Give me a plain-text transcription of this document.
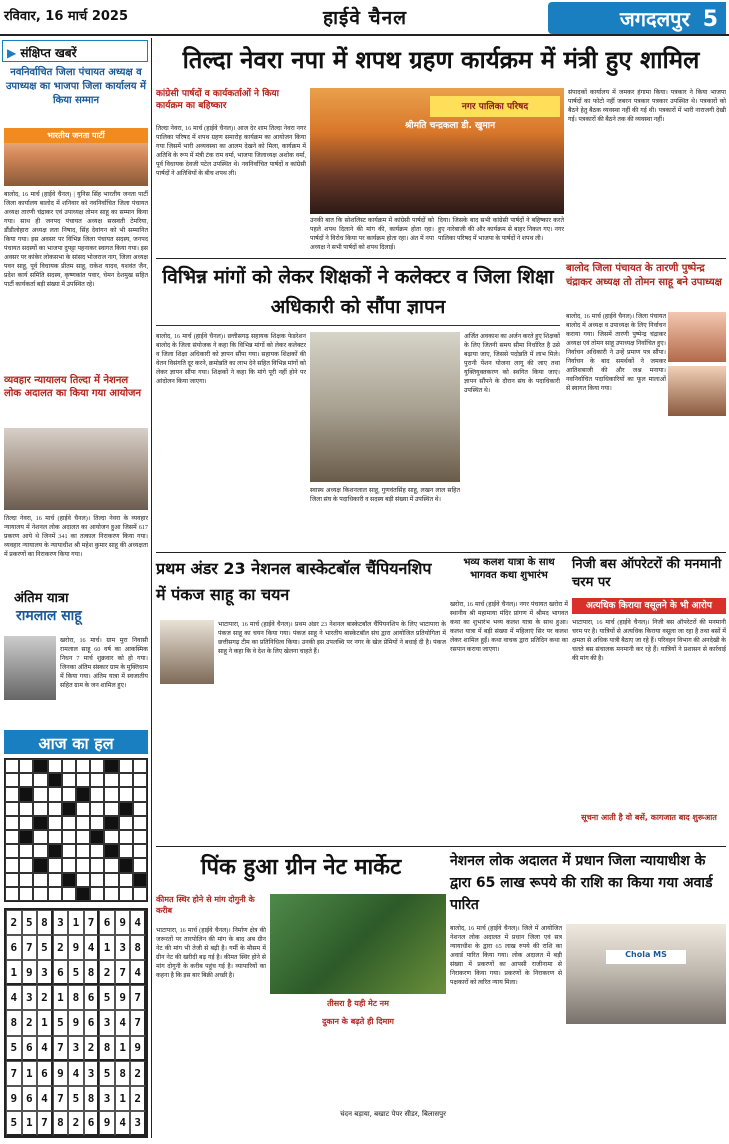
रविवार, 16 मार्च 2025	हाईवे चैनल	जगदलपुर 5
▶ संक्षिप्त खबरें
नवनिर्वाचित जिला पंचायत अध्यक्ष व उपाध्यक्ष का भाजपा जिला कार्यालय में किया सम्मान
भारतीय जनता पार्टी
बालोद, 16 मार्च (हाईवे चैनल) | युनिस सिंह भारतीय जनता पार्टी जिला कार्यालय बालोद में शनिवार को नवनिर्वाचित जिला पंचायत अध्यक्ष तारणी चंद्राकर एवं उपाध्यक्ष तोमन साहू का सम्मान किया गया। साथ ही जनपद पंचायत अध्यक्ष सरस्वती टेमरिया, डौंडीलोहारा अध्यक्ष लता निषाद, सिंह देवांगन को भी सम्मानित किया गया। इस अवसर पर विभिन्न जिला पंचायत सदस्य, जनपद पंचायत सदस्यों का भाजपा दुपट्टा पहनाकर स्वागत किया गया। इस अवसर पर कांकेर लोकसभा के सांसद भोजराज नाग, जिला अध्यक्ष पवन साहू, पूर्व विधायक प्रीतम साहू, राकेश यादव, यशवंत जैन, प्रदेश कार्य समिति सदस्य, कृष्णकांत पवार, चेमन देशमुख सहित पार्टी कार्यकर्ता बड़ी संख्या में उपस्थित रहे।
व्यवहार न्यायालय तिल्दा में नेशनल लोक अदालत का किया गया आयोजन
तिल्दा नेवरा, 16 मार्च (हाईवे चैनल)। तिल्दा नेवरा के व्यवहार न्यायालय में नेशनल लोक अदालत का आयोजन हुआ जिसमें 617 प्रकरण आये थे जिनमें 341 का तत्काल निराकरण किया गया। व्यवहार न्यायालय के न्यायाधीश श्री महेश कुमार साहू की अध्यक्षता में प्रकरणों का निराकरण किया गया।
अंतिम यात्रा
रामलाल साहू
खरोरा, 16 मार्च। ग्राम मुरा निवासी रामलाल साहू 60 वर्ष का आकस्मिक निधन 7 मार्च शुक्रवार को हो गया। जिनका अंतिम संस्कार ग्राम के मुक्तिधाम में किया गया। अंतिम यात्रा में स्वजातीय सहित ग्राम के जन शामिल हुए।
आज का हल
2 5 8 3 1 7 6 9 4
6 7 5 2 9 4 1 3 8
1 9 3 6 5 8 2 7 4
4 3 2 1 8 6 5 9 7
8 2 1 5 9 6 3 4 7
5 6 4 7 3 2 8 1 9
7 1 6 9 4 3 5 8 2
9 6 4 7 5 8 3 1 2
5 1 7 8 2 6 9 4 3
तिल्दा नेवरा नपा में शपथ ग्रहण कार्यक्रम में मंत्री हुए शामिल
कांग्रेसी पार्षदों व कार्यकर्ताओं ने किया कार्यक्रम का बहिष्कार
तिल्दा नेवरा, 16 मार्च (हाईवे चैनल)। आज देर शाम तिल्दा नेवरा नगर पालिका परिषद में शपथ ग्रहण समारोह कार्यक्रम का आयोजन किया गया जिसमें भारी अव्यवस्था का आलम देखने को मिला, कार्यक्रम में अतिथि के रूप में मंत्री टंक राम वर्मा, भाजपा जिलाध्यक्ष अशोक वर्मा, पूर्व विधायक देवजी पटेल उपस्थित थे। नवनिर्वाचित पार्षदों व कांग्रेसी पार्षदों ने अतिथियों के बीच शपथ ली।
नगर पालिका परिषद
श्रीमति चन्द्रकला डी. खुमान
उनकी बात कि सोशलिस्ट कार्यक्रम में कांग्रेसी पार्षदों को पहले शपथ दिलाने की मांग की, कार्यक्रम होता रहा। पार्षदों ने विरोध किया पर कार्यक्रम होता रहा। अंत में नपा अध्यक्ष ने सभी पार्षदों को शपथ दिलाई।
दिया। जिसके बाद सभी कांग्रेसी पार्षदों ने बहिष्कार करते हुए नारेबाजी की और कार्यक्रम से बाहर निकल गए। नगर पालिका परिषद में भाजपा के पार्षदों ने शपथ ली।
संपादकों कार्यालय में जमकर हंगामा किया। पत्रकार ने किया भाजपा पार्षदों का फोटो नहीं जबरन पत्रकार पत्रकार उपस्थित थे। पत्रकारों को बैठने हेतु बैठक व्यवस्था नहीं की गई थी। पत्रकारों में भारी नाराजगी देखी गई। पत्रकारों की बैठने तक की व्यवस्था नहीं।
विभिन्न मांगों को लेकर शिक्षकों ने कलेक्टर व जिला शिक्षा अधिकारी को सौंपा ज्ञापन
बालोद, 16 मार्च (हाईवे चैनल)। छत्तीसगढ़ सहायक शिक्षक फेडरेशन बालोद के जिला संयोजक ने कहा कि विभिन्न मांगों को लेकर कलेक्टर व जिला शिक्षा अधिकारी को ज्ञापन सौंपा गया। सहायक शिक्षकों की वेतन विसंगति दूर करने, क्रमोन्नति का लाभ देने सहित विभिन्न मांगों को लेकर ज्ञापन सौंपा गया। शिक्षकों ने कहा कि मांगे पूरी नहीं होने पर आंदोलन किया जाएगा।
स्वास्थ अध्यक्ष किशनलाल साहू, गुणवंतसिंह साहू, लखन लाल सहित जिला संघ के पदाधिकारी व सदस्य बड़ी संख्या में उपस्थित थे।
अर्जित अवकाश का अर्जन करते हुए शिक्षकों के लिए जितनी समय सीमा निर्धारित है उसे बढ़ाया जाए, जिससे पदोन्नति में लाभ मिले। पुरानी पेंशन योजना लागू की जाए तथा युक्तियुक्तकरण को स्थगित किया जाए। ज्ञापन सौंपने के दौरान संघ के पदाधिकारी उपस्थित थे।
बालोद जिला पंचायत के तारणी पुष्पेन्द्र चंद्राकर अध्यक्ष तो तोमन साहू बने उपाध्यक्ष
बालोद, 16 मार्च (हाईवे चैनल)। जिला पंचायत बालोद में अध्यक्ष व उपाध्यक्ष के लिए निर्वाचन कराया गया। जिसमें तारणी पुष्पेन्द्र चंद्राकर अध्यक्ष एवं तोमन साहू उपाध्यक्ष निर्वाचित हुए। निर्वाचन अधिकारी ने उन्हें प्रमाण पत्र सौंपा। निर्वाचन के बाद समर्थकों ने जमकर आतिशबाजी की और जश्न मनाया। नवनिर्वाचित पदाधिकारियों का फूल मालाओं से स्वागत किया गया।
प्रथम अंडर 23 नेशनल बास्केटबॉल चैंपियनशिप में पंकज साहू का चयन
भाटापारा, 16 मार्च (हाईवे चैनल)। प्रथम अंडर 23 नेशनल बास्केटबॉल चैंपियनशिप के लिए भाटापारा के पंकज साहू का चयन किया गया। पंकज साहू ने भारतीय बास्केटबॉल संघ द्वारा आयोजित प्रतियोगिता में छत्तीसगढ़ टीम का प्रतिनिधित्व किया। उनकी इस उपलब्धि पर नगर के खेल प्रेमियों ने बधाई दी है। पंकज साहू ने कहा कि वे देश के लिए खेलना चाहते हैं।
भव्य कलश यात्रा के साथ भागवत कथा शुभारंभ
खरोरा, 16 मार्च (हाईवे चैनल)। नगर पंचायत खरोरा में स्थानीय श्री महामाया मंदिर प्रांगण में श्रीमद भागवत कथा का शुभारंभ भव्य कलश यात्रा के साथ हुआ। कलश यात्रा में बड़ी संख्या में महिलाएं सिर पर कलश लेकर शामिल हुईं। कथा वाचक द्वारा प्रतिदिन कथा का रसपान कराया जाएगा।
निजी बस ऑपरेटरों की मनमानी चरम पर
अत्यधिक किराया वसूलने के भी आरोप
भाटापारा, 16 मार्च (हाईवे चैनल)। निजी बस ऑपरेटरों की मनमानी चरम पर है। यात्रियों से अत्यधिक किराया वसूला जा रहा है तथा बसों में क्षमता से अधिक यात्री बैठाए जा रहे हैं। परिवहन विभाग की अनदेखी के चलते बस संचालक मनमानी कर रहे हैं। यात्रियों ने प्रशासन से कार्रवाई की मांग की है।
सूचना आती है वो बसें, कागजात बाद शुरूआत
पिंक हुआ ग्रीन नेट मार्केट
कीमत स्थिर होने से मांग दोगुनी के करीब
भाटापारा, 16 मार्च (हाईवे चैनल)। निर्माण क्षेत्र की जरूरतों पर तारपोलिन की मांग के बाद अब ग्रीन नेट की मांग भी तेजी से बढ़ी है। गर्मी के मौसम में ग्रीन नेट की खरीदी बढ़ गई है। कीमत स्थिर होने से मांग दोगुनी के करीब पहुंच गई है। व्यापारियों का कहना है कि इस बार बिक्री अच्छी है।
तीसरा है यही मेट नम
दुकान के बढ़ते ही दिमाग
चंदन बड़ाया, बखाट पेपर सीडर, बिलासपुर
नेशनल लोक अदालत में प्रधान जिला न्यायाधीश के द्वारा 65 लाख रूपये की राशि का किया गया अवार्ड पारित
बालोद, 16 मार्च (हाईवे चैनल)। जिले में आयोजित नेशनल लोक अदालत में प्रधान जिला एवं सत्र न्यायाधीश के द्वारा 65 लाख रुपये की राशि का अवार्ड पारित किया गया। लोक अदालत में बड़ी संख्या में प्रकरणों का आपसी राजीनामा से निराकरण किया गया। प्रकरणों के निराकरण से पक्षकारों को त्वरित न्याय मिला।
Chola MS
